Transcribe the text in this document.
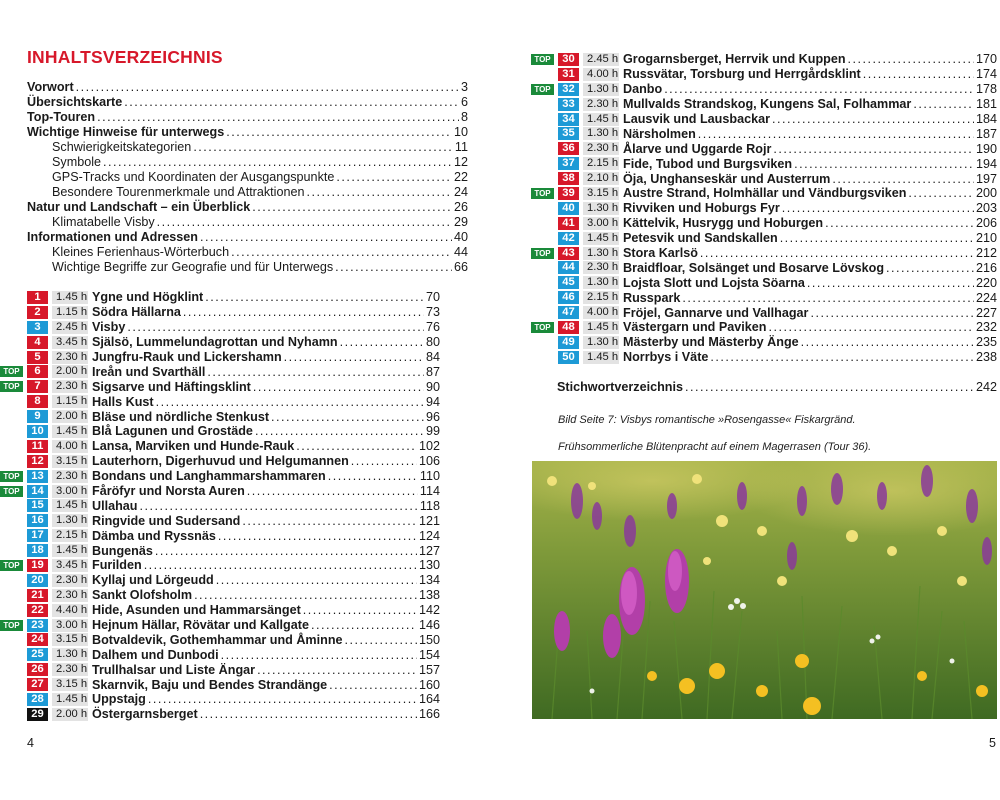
INHALTSVERZEICHNIS
Vorwort . . .	3
Übersichtskarte . . .	6
Top-Touren . . .	8
Wichtige Hinweise für unterwegs . . .	10
Schwierigkeitskategorien . . .	11
Symbole . . .	12
GPS-Tracks und Koordinaten der Ausgangspunkte . . .	22
Besondere Tourenmerkmale und Attraktionen . . .	24
Natur und Landschaft – ein Überblick . . .	26
Klimatabelle Visby . . .	29
Informationen und Adressen . . .	40
Kleines Ferienhaus-Wörterbuch . . .	44
Wichtige Begriffe zur Geografie und für Unterwegs . . .	66
1	1.45 h Ygne und Högklint . . .	70
2	1.15 h Södra Hällarna . . .	73
3	2.45 h Visby . . .	76
4	3.45 h Själsö, Lummelundagrottan und Nyhamn . . .	80
5	2.30 h Jungfru-Rauk und Lickershamn . . .	84
TOP	6	2.00 h Ireån und Svarthäll . . .	87
TOP	7	2.30 h Sigsarve und Häftingsklint . . .	90
8	1.15 h Halls Kust . . .	94
9	2.00 h Bläse und nördliche Stenkust . . .	96
10	1.45 h Blå Lagunen und Grostäde . . .	99
11	4.00 h Lansa, Marviken und Hunde-Rauk . . .	102
12	3.15 h Lauterhorn, Digerhuvud und Helgumannen . . .	106
TOP	13	2.30 h Bondans und Langhammarshammaren . . .	110
TOP	14	3.00 h Fåröfyr und Norsta Auren . . .	114
15	1.45 h Ullahau . . .	118
16	1.30 h Ringvide und Sudersand . . .	121
17	2.15 h Dämba und Ryssnäs . . .	124
18	1.45 h Bungenäs . . .	127
TOP	19	3.45 h Furilden . . .	130
20	2.30 h Kyllaj und Lörgeudd . . .	134
21	2.30 h Sankt Olofsholm . . .	138
22	4.40 h Hide, Asunden und Hammarsänget . . .	142
TOP	23	3.00 h Hejnum Hällar, Rövätar und Kallgate . . .	146
24	3.15 h Botvaldevik, Gothemhammar und Åminne . . .	150
25	1.30 h Dalhem und Dunbodi . . .	154
26	2.30 h Trullhalsar und Liste Ängar . . .	157
27	3.15 h Skarnvik, Baju und Bendes Strandänge . . .	160
28	1.45 h Uppstajg . . .	164
29	2.00 h Östergarnsberget . . .	166
TOP	30	2.45 h Grogarnsberget, Herrvik und Kuppen . . .	170
31	4.00 h Russvätar, Torsburg und Herrgårdsklint . . .	174
TOP	32	1.30 h Danbo . . .	178
33	2.30 h Mullvalds Strandskog, Kungens Sal, Folhammar . . .	181
34	1.45 h Lausvik und Lausbackar . . .	184
35	1.30 h Närsholmen . . .	187
36	2.30 h Ålarve und Uggarde Rojr . . .	190
37	2.15 h Fide, Tubod und Burgsviken . . .	194
38	2.10 h Öja, Unghanseskär und Austerrum . . .	197
TOP	39	3.15 h Austre Strand, Holmhällar und Vändburgsviken . . .	200
40	1.30 h Rivviken und Hoburgs Fyr . . .	203
41	3.00 h Kättelvik, Husrygg und Hoburgen . . .	206
42	1.45 h Petesvik und Sandskallen . . .	210
TOP	43	1.30 h Stora Karlsö . . .	212
44	2.30 h Braidfloar, Solsänget und Bosarve Lövskog . . .	216
45	1.30 h Lojsta Slott und Lojsta Söarna . . .	220
46	2.15 h Russpark . . .	224
47	4.00 h Fröjel, Gannarve und Vallhagar . . .	227
TOP	48	1.45 h Västergarn und Paviken . . .	232
49	1.30 h Mästerby und Mästerby Änge . . .	235
50	1.45 h Norrbys i Väte . . .	238
Stichwortverzeichnis . . .	242
Bild Seite 7: Visbys romantische »Rosengasse« Fiskargränd.
Frühsommerliche Blütenpracht auf einem Magerrasen (Tour 36).
4	5
